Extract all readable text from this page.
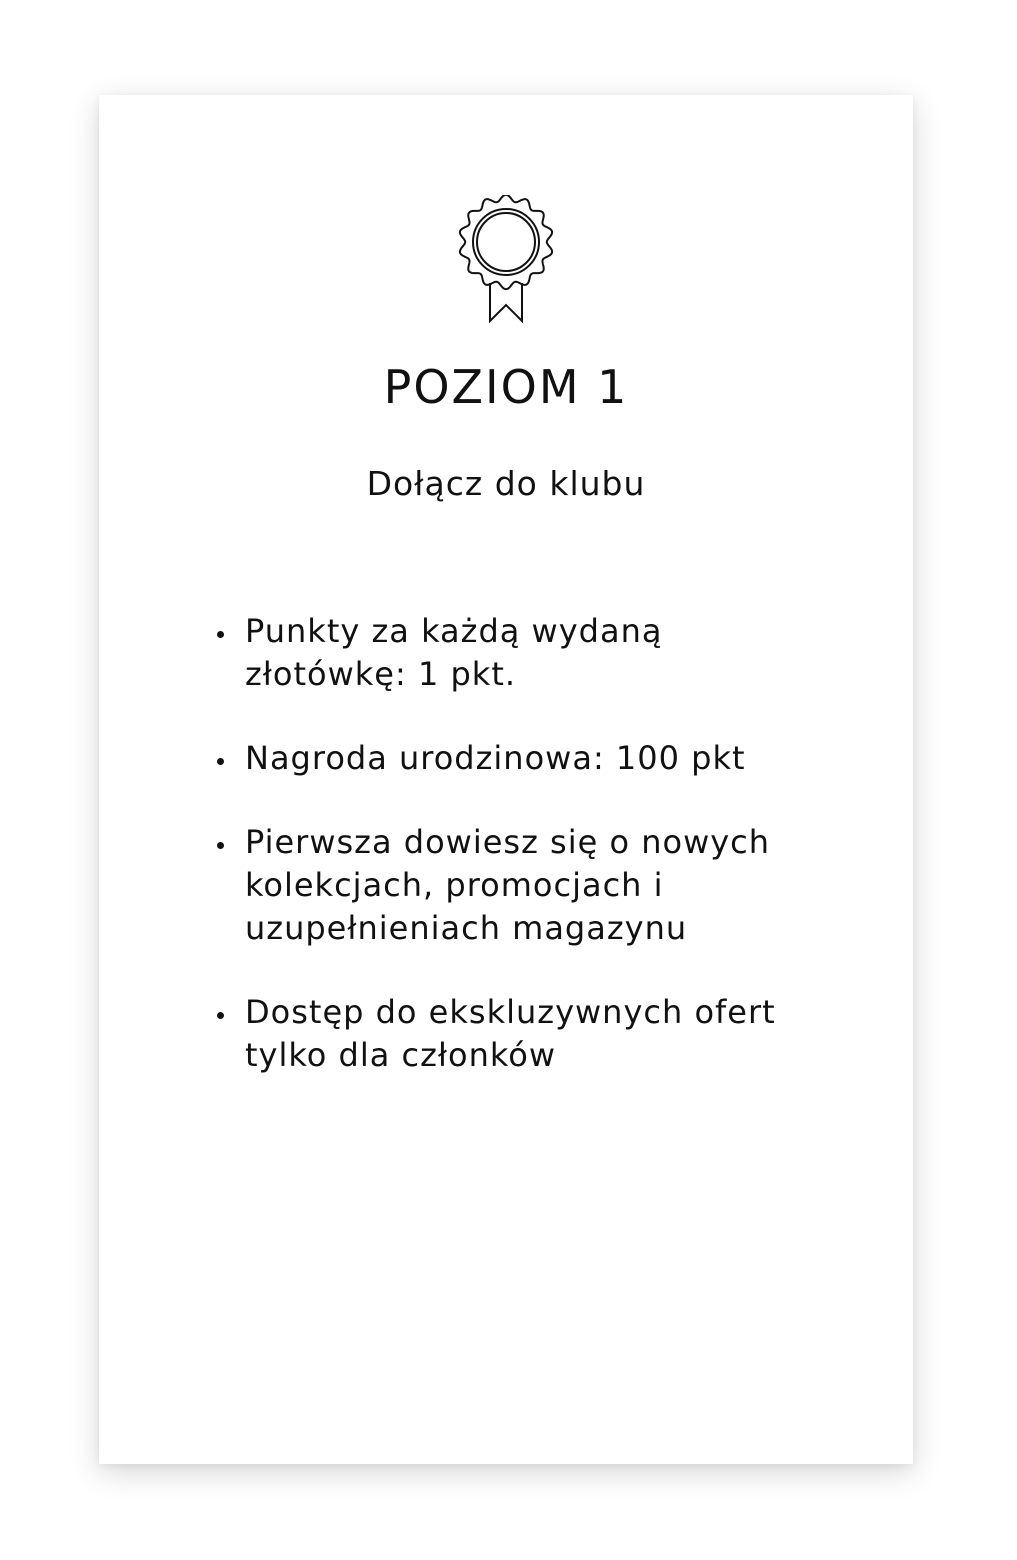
POZIOM 1
Dołącz do klubu
Punkty za każdą wydaną złotówkę: 1 pkt.
Nagroda urodzinowa: 100 pkt
Pierwsza dowiesz się o nowych kolekcjach, promocjach i uzupełnieniach magazynu
Dostęp do ekskluzywnych ofert tylko dla członków
